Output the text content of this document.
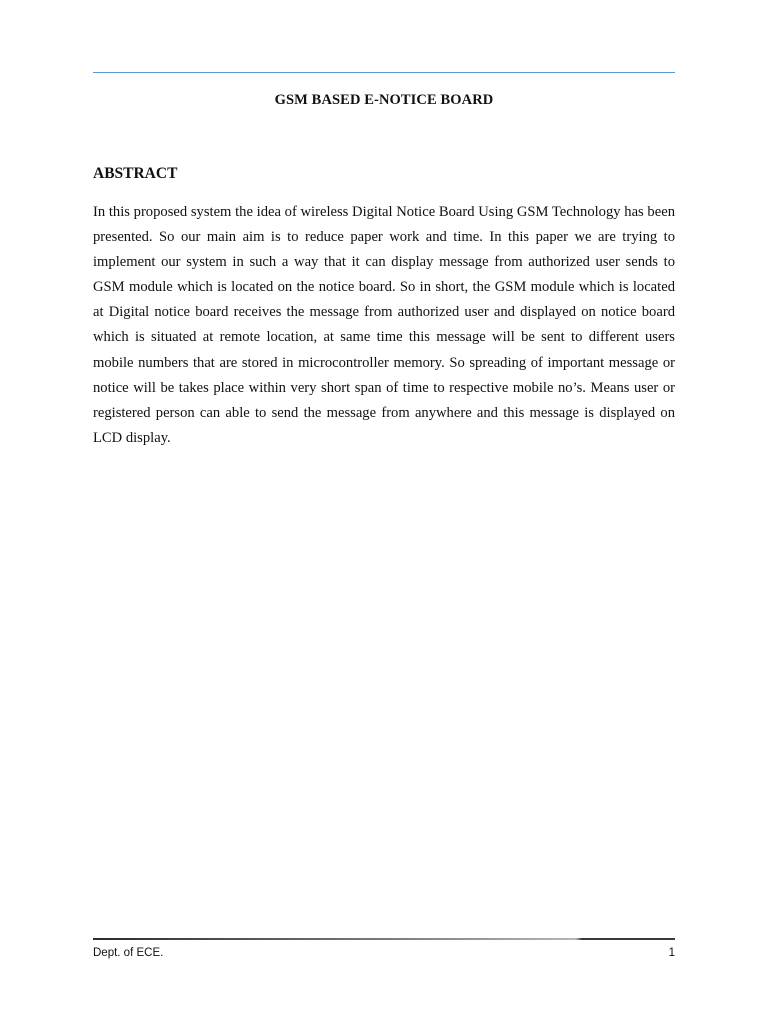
GSM BASED E-NOTICE BOARD
ABSTRACT

In this proposed system the idea of wireless Digital Notice Board Using GSM Technology has been presented. So our main aim is to reduce paper work and time. In this paper we are trying to implement our system in such a way that it can display message from authorized user sends to GSM module which is located on the notice board. So in short, the GSM module which is located at Digital notice board receives the message from authorized user and displayed on notice board which is situated at remote location, at same time this message will be sent to different users mobile numbers that are stored in microcontroller memory. So spreading of important message or notice will be takes place within very short span of time to respective mobile no’s. Means user or registered person can able to send the message from anywhere and this message is displayed on LCD display.

Dept. of ECE.	1
